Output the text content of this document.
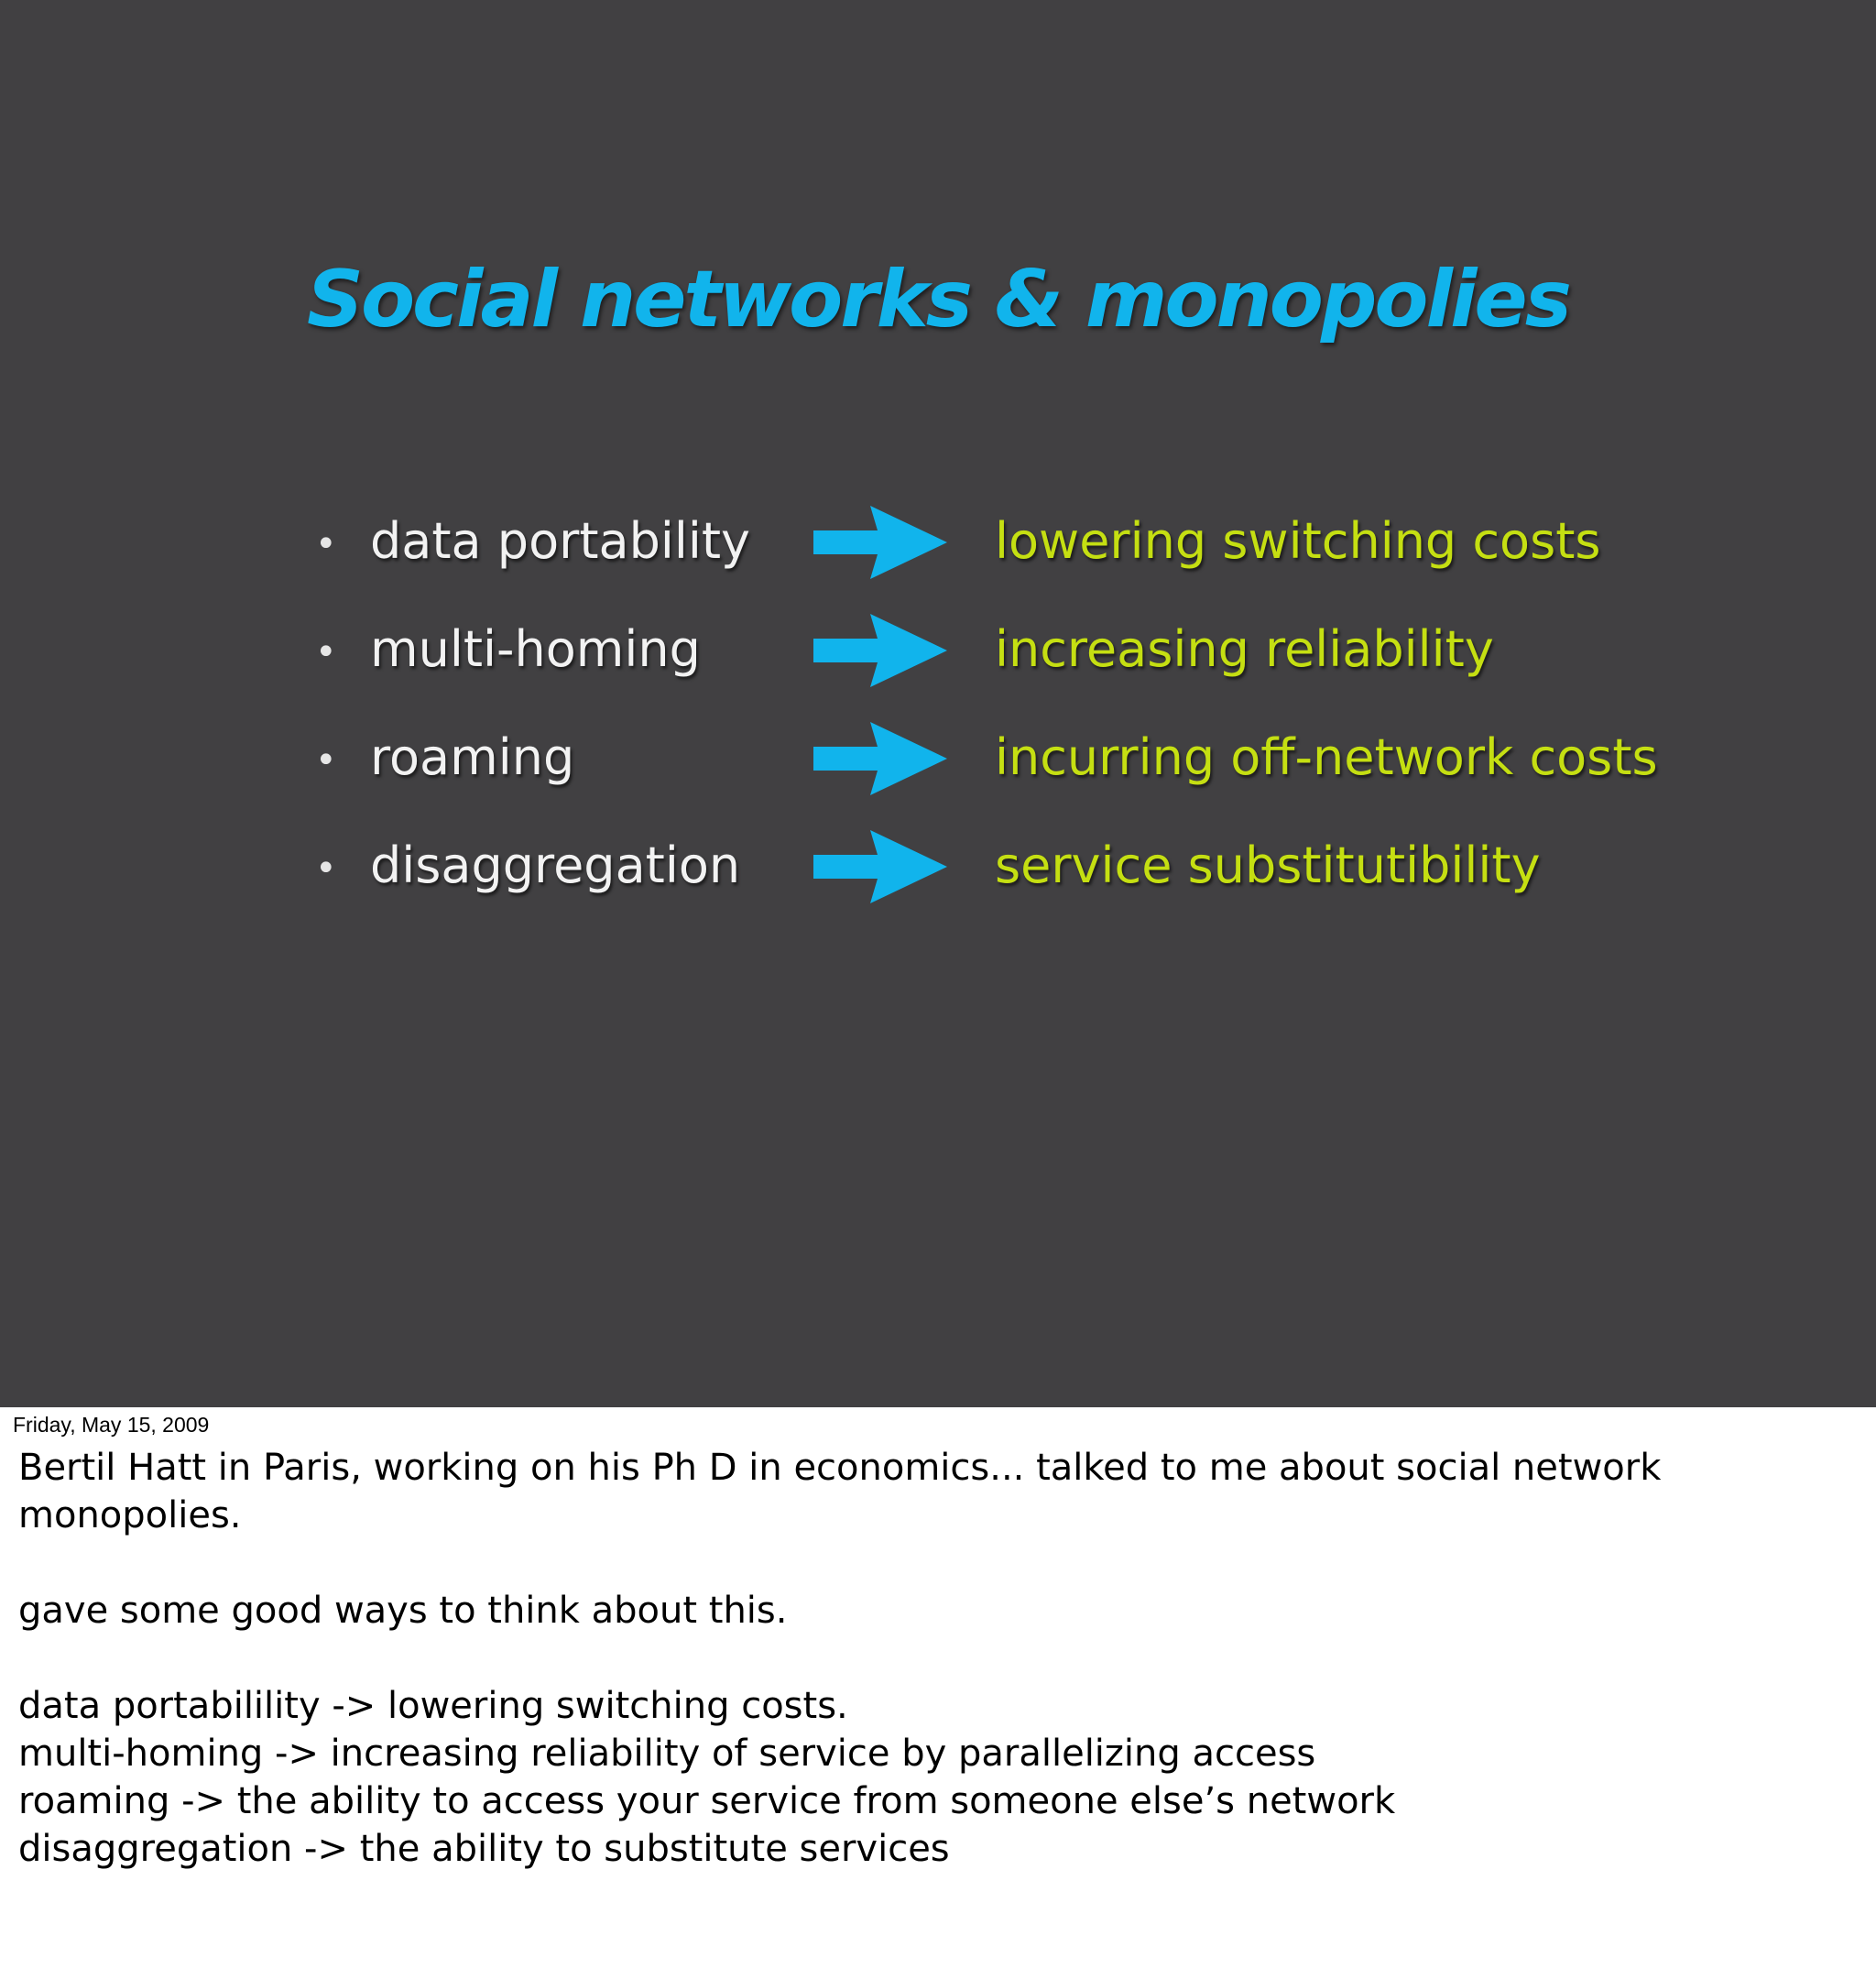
Social networks & monopolies
• data portability	lowering switching costs
• multi-homing	increasing reliability
• roaming	incurring off-network costs
• disaggregation	service substitutibility
Friday, May 15, 2009
Bertil Hatt in Paris, working on his Ph D in economics... talked to me about social network
monopolies.
gave some good ways to think about this.
data portabilility -> lowering switching costs.
multi-homing -> increasing reliability of service by parallelizing access
roaming -> the ability to access your service from someone else’s network
disaggregation -> the ability to substitute services
